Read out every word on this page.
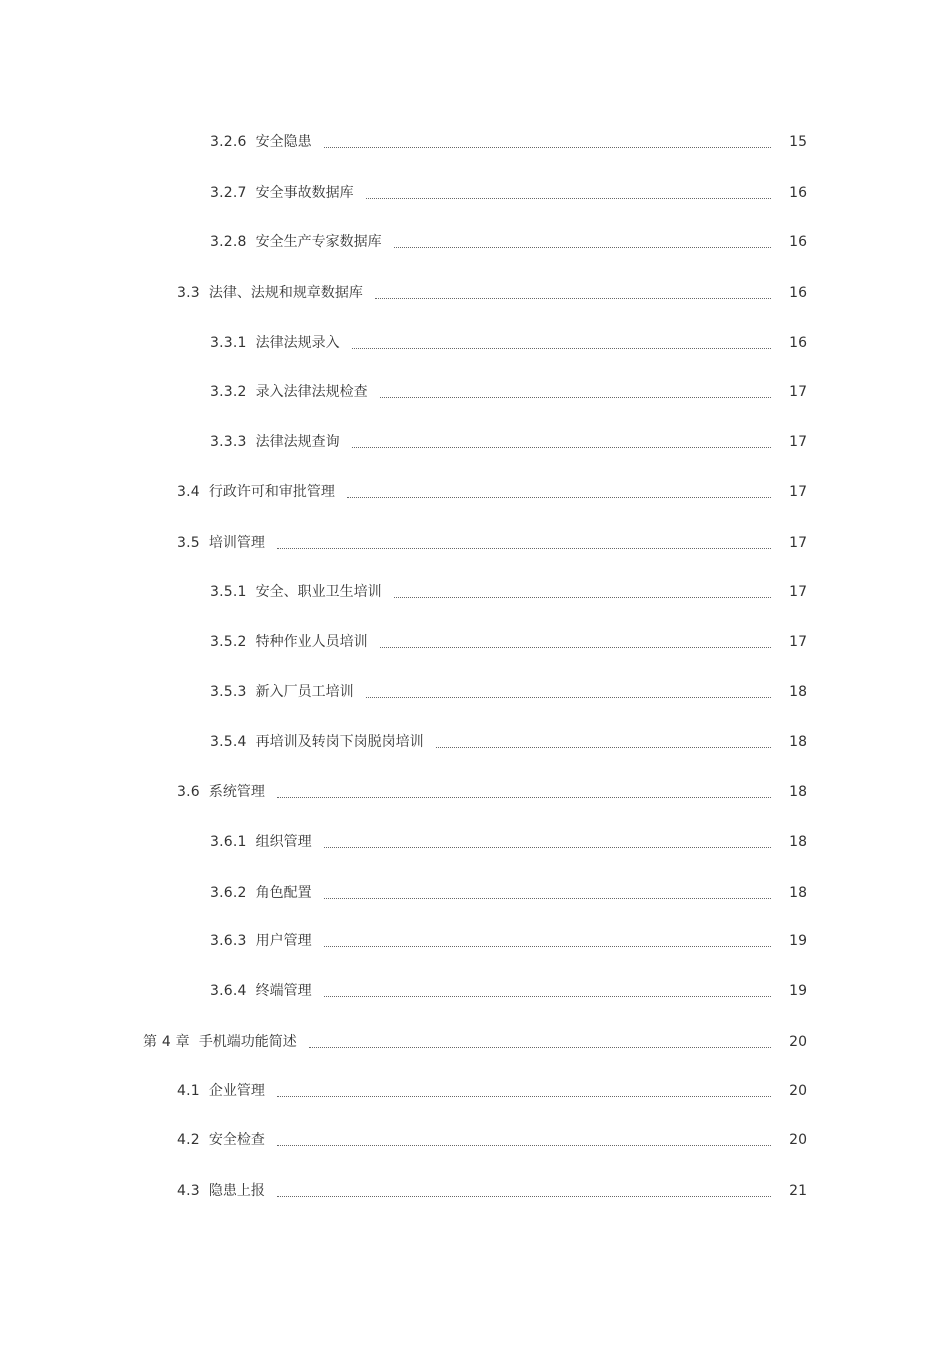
3.2.6 安全隐患	15
3.2.7 安全事故数据库	16
3.2.8 安全生产专家数据库	16
3.3 法律、法规和规章数据库	16
3.3.1 法律法规录入	16
3.3.2 录入法律法规检查	17
3.3.3 法律法规查询	17
3.4 行政许可和审批管理	17
3.5 培训管理	17
3.5.1 安全、职业卫生培训	17
3.5.2 特种作业人员培训	17
3.5.3 新入厂员工培训	18
3.5.4 再培训及转岗下岗脱岗培训	18
3.6 系统管理	18
3.6.1 组织管理	18
3.6.2 角色配置	18
3.6.3 用户管理	19
3.6.4 终端管理	19
第 4 章 手机端功能简述	20
4.1 企业管理	20
4.2 安全检查	20
4.3 隐患上报	21
